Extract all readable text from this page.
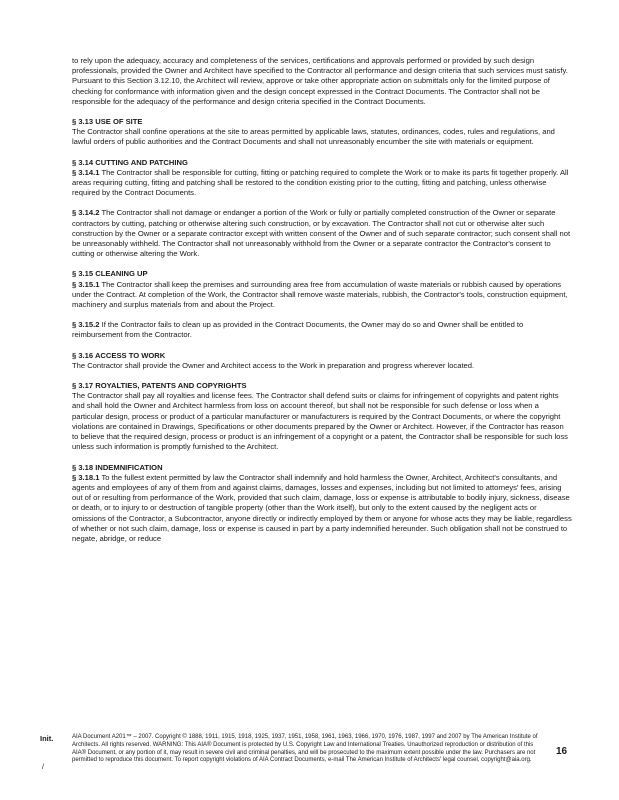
to rely upon the adequacy, accuracy and completeness of the services, certifications and approvals performed or provided by such design professionals, provided the Owner and Architect have specified to the Contractor all performance and design criteria that such services must satisfy. Pursuant to this Section 3.12.10, the Architect will review, approve or take other appropriate action on submittals only for the limited purpose of checking for conformance with information given and the design concept expressed in the Contract Documents. The Contractor shall not be responsible for the adequacy of the performance and design criteria specified in the Contract Documents.

§ 3.13 USE OF SITE

The Contractor shall confine operations at the site to areas permitted by applicable laws, statutes, ordinances, codes, rules and regulations, and lawful orders of public authorities and the Contract Documents and shall not unreasonably encumber the site with materials or equipment.

§ 3.14 CUTTING AND PATCHING

§ 3.14.1 The Contractor shall be responsible for cutting, fitting or patching required to complete the Work or to make its parts fit together properly. All areas requiring cutting, fitting and patching shall be restored to the condition existing prior to the cutting, fitting and patching, unless otherwise required by the Contract Documents.

§ 3.14.2 The Contractor shall not damage or endanger a portion of the Work or fully or partially completed construction of the Owner or separate contractors by cutting, patching or otherwise altering such construction, or by excavation. The Contractor shall not cut or otherwise alter such construction by the Owner or a separate contractor except with written consent of the Owner and of such separate contractor; such consent shall not be unreasonably withheld. The Contractor shall not unreasonably withhold from the Owner or a separate contractor the Contractor's consent to cutting or otherwise altering the Work.

§ 3.15 CLEANING UP

§ 3.15.1 The Contractor shall keep the premises and surrounding area free from accumulation of waste materials or rubbish caused by operations under the Contract. At completion of the Work, the Contractor shall remove waste materials, rubbish, the Contractor's tools, construction equipment, machinery and surplus materials from and about the Project.

§ 3.15.2 If the Contractor fails to clean up as provided in the Contract Documents, the Owner may do so and Owner shall be entitled to reimbursement from the Contractor.

§ 3.16 ACCESS TO WORK

The Contractor shall provide the Owner and Architect access to the Work in preparation and progress wherever located.

§ 3.17 ROYALTIES, PATENTS AND COPYRIGHTS

The Contractor shall pay all royalties and license fees. The Contractor shall defend suits or claims for infringement of copyrights and patent rights and shall hold the Owner and Architect harmless from loss on account thereof, but shall not be responsible for such defense or loss when a particular design, process or product of a particular manufacturer or manufacturers is required by the Contract Documents, or where the copyright violations are contained in Drawings, Specifications or other documents prepared by the Owner or Architect. However, if the Contractor has reason to believe that the required design, process or product is an infringement of a copyright or a patent, the Contractor shall be responsible for such loss unless such information is promptly furnished to the Architect.

§ 3.18 INDEMNIFICATION

§ 3.18.1 To the fullest extent permitted by law the Contractor shall indemnify and hold harmless the Owner, Architect, Architect's consultants, and agents and employees of any of them from and against claims, damages, losses and expenses, including but not limited to attorneys' fees, arising out of or resulting from performance of the Work, provided that such claim, damage, loss or expense is attributable to bodily injury, sickness, disease or death, or to injury to or destruction of tangible property (other than the Work itself), but only to the extent caused by the negligent acts or omissions of the Contractor, a Subcontractor, anyone directly or indirectly employed by them or anyone for whose acts they may be liable, regardless of whether or not such claim, damage, loss or expense is caused in part by a party indemnified hereunder. Such obligation shall not be construed to negate, abridge, or reduce

Init.
/
AIA Document A201™ – 2007. Copyright © 1888, 1911, 1915, 1918, 1925, 1937, 1951, 1958, 1961, 1963, 1966, 1970, 1976, 1987, 1997 and 2007 by The American Institute of Architects. All rights reserved. WARNING: This AIA® Document is protected by U.S. Copyright Law and International Treaties. Unauthorized reproduction or distribution of this AIA® Document, or any portion of it, may result in severe civil and criminal penalties, and will be prosecuted to the maximum extent possible under the law. Purchasers are not permitted to reproduce this document. To report copyright violations of AIA Contract Documents, e-mail The American Institute of Architects' legal counsel, copyright@aia.org.
16
